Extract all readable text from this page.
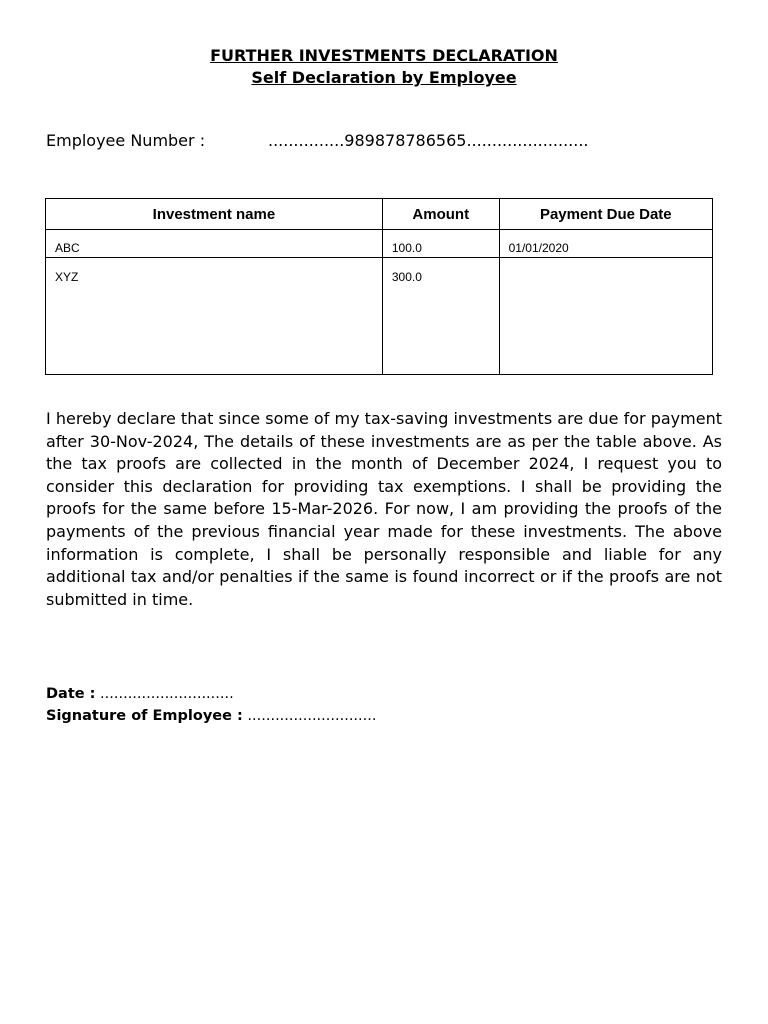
FURTHER INVESTMENTS DECLARATION
Self Declaration by Employee
Employee Number :	...............989878786565........................
Investment name	Amount	Payment Due Date
ABC	100.0	01/01/2020
XYZ	300.0	

I hereby declare that since some of my tax-saving investments are due for payment after 30-Nov-2024, The details of these investments are as per the table above. As the tax proofs are collected in the month of December 2024, I request you to consider this declaration for providing tax exemptions. I shall be providing the proofs for the same before 15-Mar-2026. For now, I am providing the proofs of the payments of the previous financial year made for these investments. The above information is complete, I shall be personally responsible and liable for any additional tax and/or penalties if the same is found incorrect or if the proofs are not submitted in time.

Date : .............................
Signature of Employee : ............................
